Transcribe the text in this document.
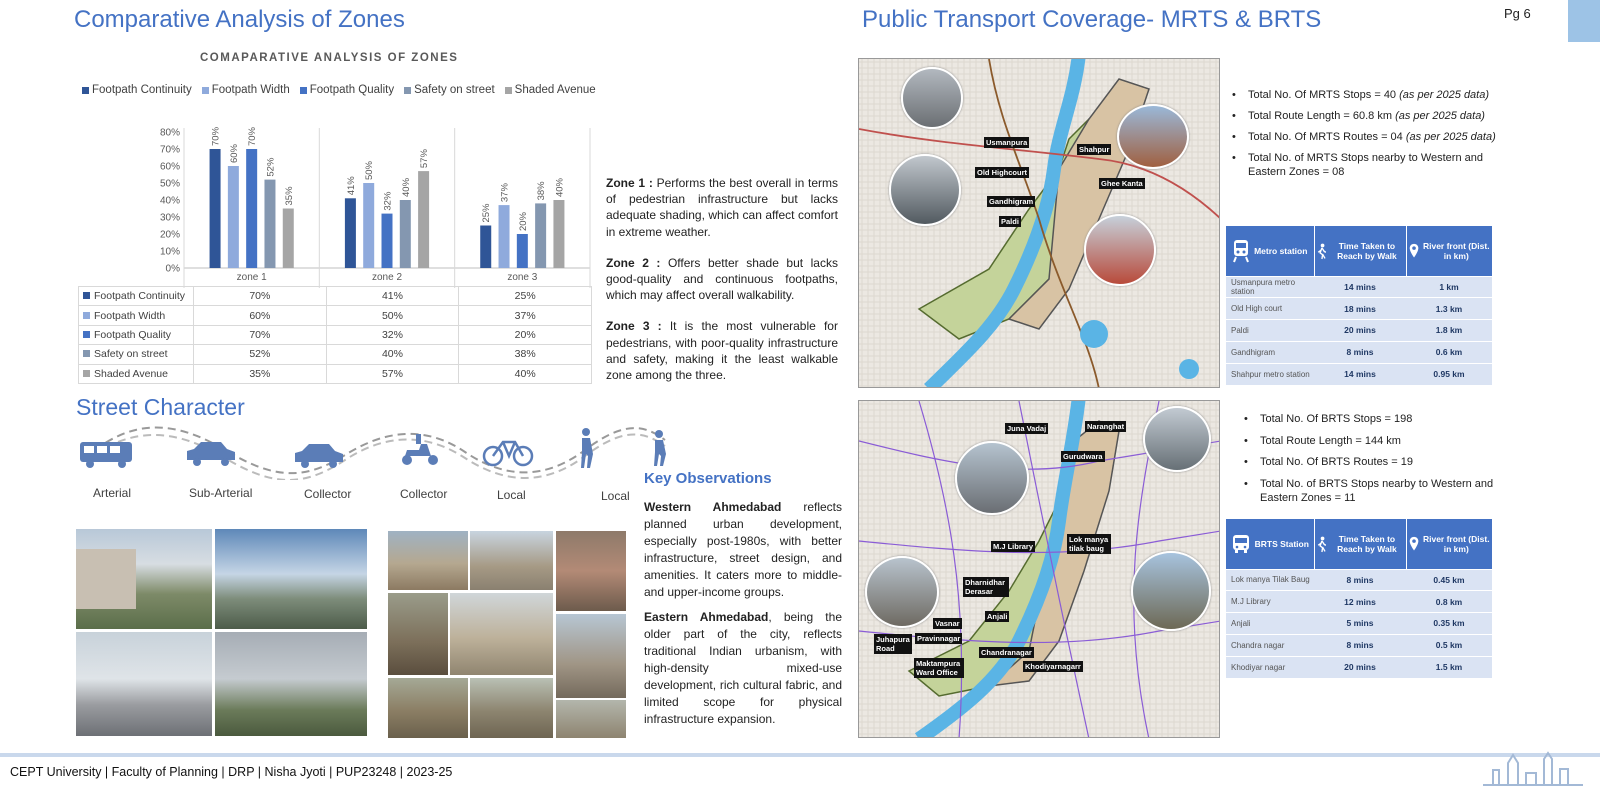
Comparative Analysis of Zones	Public Transport Coverage- MRTS & BRTS	Pg 6
COMAPARATIVE ANALYSIS OF ZONES
Footpath Continuity Footpath Width Footpath Quality Safety on street Shaded Avenue
0%
10%
20%
30%
40%
50%
60%
70%
80%	70%
60%
70%
52%
35%
zone 1
41%
50%
32%
40%
57%
zone 2
25%
37%
20%
38% 40%
zone 3
Footpath Continuity	70%	41%	25%
Footpath Width	60%	50%	37%
Footpath Quality	70%	32%	20%
Safety on street	52%	40%	38%
Shaded Avenue	35%	57%	40%

Zone 1 : Performs the best overall in terms of pedestrian infrastructure but lacks adequate shading, which can affect comfort in extreme weather.

Zone 2 : Offers better shade but lacks good-quality and continuous footpaths, which may affect overall walkability.

Zone 3 : It is the most vulnerable for pedestrians, with poor-quality infrastructure and safety, making it the least walkable zone among the three.

Street Character
Arterial	Sub-Arterial	Collector	Collector	Local	Local
Key Observations

Western Ahmedabad reflects planned urban development, especially post-1980s, with better infrastructure, street design, and amenities. It caters more to middle- and upper-income groups.

Eastern Ahmedabad, being the older part of the city, reflects traditional Indian urbanism, with high-density mixed-use development, rich cultural fabric, and limited scope for physical infrastructure expansion.

Usmanpura
Shahpur
Old Highcourt
Ghee Kanta
Gandhigram
Paldi
• Total No. Of MRTS Stops = 40 (as per 2025 data)
• Total Route Length = 60.8 km (as per 2025 data)
• Total No. Of MRTS Routes = 04 (as per 2025 data)
• Total No. of MRTS Stops nearby to Western and Eastern Zones = 08
Metro station	Time Taken to Reach by Walk	River front (Dist. in km)

Usmanpura metro station	14 mins	1 km
Old High court	18 mins	1.3 km
Paldi	20 mins	1.8 km
Gandhigram	8 mins	0.6 km
Shahpur metro station	14 mins	0.95 km
Juna Vadaj	Naranghat
Gurudwara
M.J Library
Lok manya tilak baug
Dharnidhar Derasar
Anjali
Vasnar
Juhapura Road
Pravinnagar
Chandranagar
Maktampura Ward Office
Khodiyarnagarr
• Total No. Of BRTS Stops = 198
• Total Route Length = 144 km
• Total No. Of BRTS Routes = 19
• Total No. of BRTS Stops nearby to Western and Eastern Zones = 11
BRTS Station	Time Taken to Reach by Walk	River front (Dist. in km)

Lok manya Tilak Baug	8 mins	0.45 km
M.J Library	12 mins	0.8 km
Anjali	5 mins	0.35 km
Chandra nagar	8 mins	0.5 km
Khodiyar nagar	20 mins	1.5 km
CEPT University | Faculty of Planning | DRP | Nisha Jyoti | PUP23248 | 2023-25
